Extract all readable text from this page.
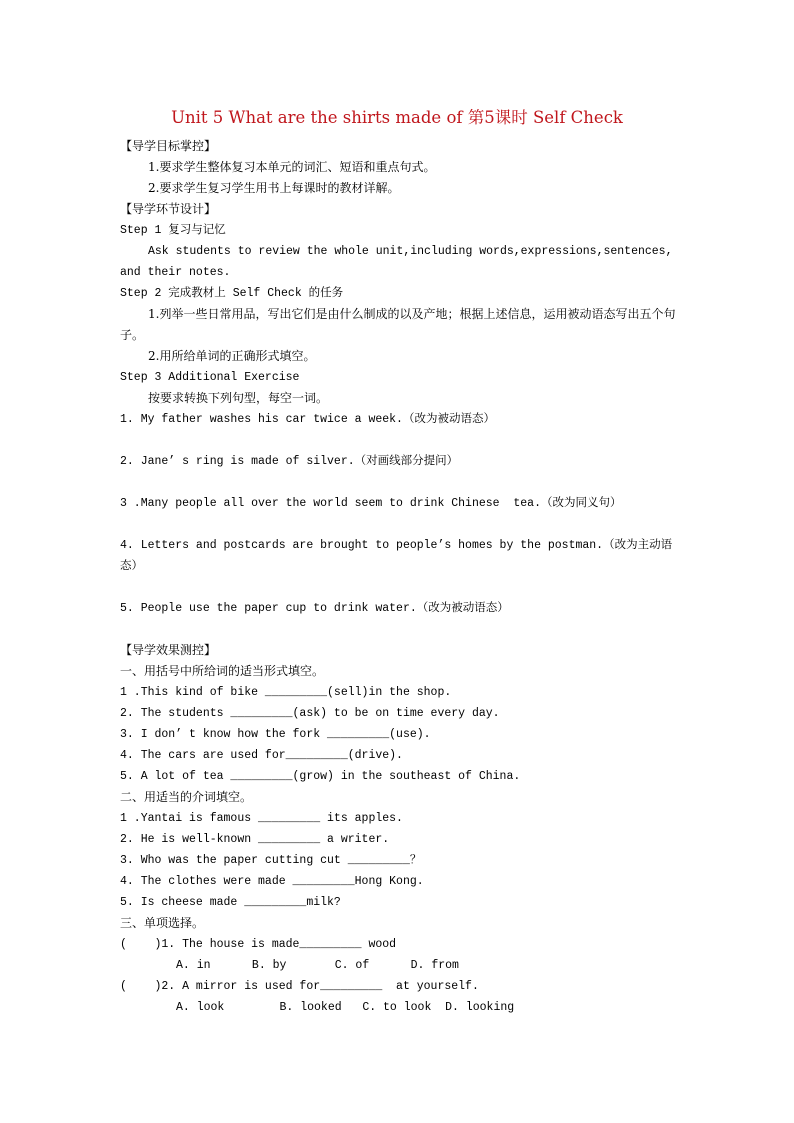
Unit 5 What are the shirts made of 第5课时 Self Check
【导学目标掌控】
1.要求学生整体复习本单元的词汇、短语和重点句式。
2.要求学生复习学生用书上每课时的教材详解。
【导学环节设计】
Step 1 复习与记忆
Ask students to review the whole unit,including words,expressions,sentences,
and their notes.
Step 2 完成教材上 Self Check 的任务
1.列举一些日常用品，写出它们是由什么制成的以及产地；根据上述信息，运用被动语态写出五个句子。
2.用所给单词的正确形式填空。
Step 3 Additional Exercise
按要求转换下列句型，每空一词。
1. My father washes his car twice a week.（改为被动语态）
2. Jane’ s ring is made of silver.（对画线部分提问）
3 .Many people all over the world seem to drink Chinese  tea.（改为同义句）
4. Letters and postcards are brought to people’s homes by the postman.（改为主动语态）
5. People use the paper cup to drink water.（改为被动语态）
【导学效果测控】
一、用括号中所给词的适当形式填空。
1 .This kind of bike _________(sell)in the shop.
2. The students _________(ask) to be on time every day.
3. I don’ t know how the fork _________(use).
4. The cars are used for_________(drive).
5. A lot of tea _________(grow) in the southeast of China.
二、用适当的介词填空。
1 .Yantai is famous _________ its apples.
2. He is well-known _________ a writer.
3. Who was the paper cutting cut _________？
4. The clothes were made _________Hong Kong.
5. Is cheese made _________milk?
三、单项选择。
(    )1. The house is made_________ wood
A. in      B. by       C. of      D. from
(    )2. A mirror is used for_________  at yourself.
A. look        B. looked   C. to look  D. looking
